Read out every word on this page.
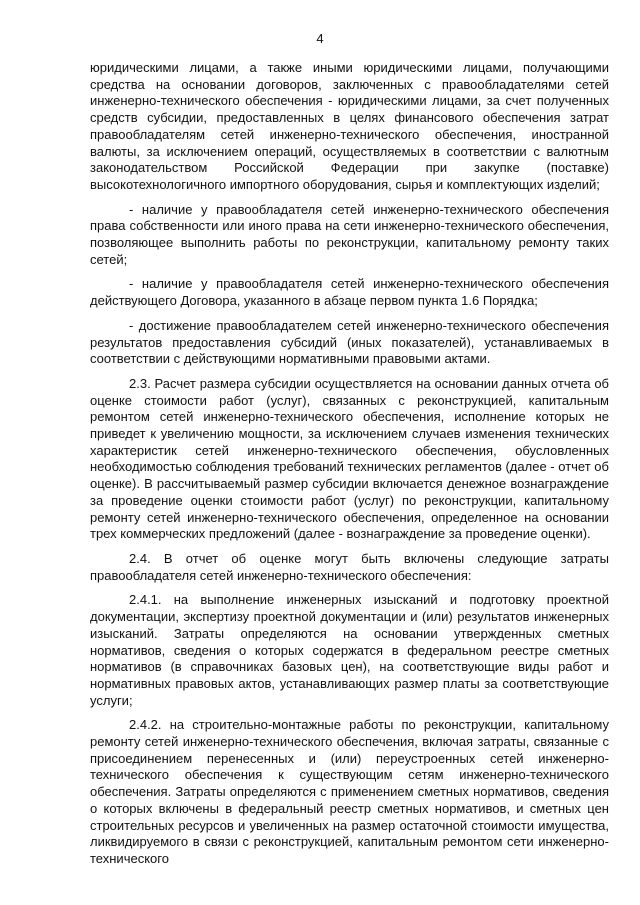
4

юридическими лицами, а также иными юридическими лицами, получающими средства на основании договоров, заключенных с правообладателями сетей инженерно-технического обеспечения - юридическими лицами, за счет полученных средств субсидии, предоставленных в целях финансового обеспечения затрат правообладателям сетей инженерно-технического обеспечения, иностранной валюты, за исключением операций, осуществляемых в соответствии с валютным законодательством Российской Федерации при закупке (поставке) высокотехнологичного импортного оборудования, сырья и комплектующих изделий;

- наличие у правообладателя сетей инженерно-технического обеспечения права собственности или иного права на сети инженерно-технического обеспечения, позволяющее выполнить работы по реконструкции, капитальному ремонту таких сетей;

- наличие у правообладателя сетей инженерно-технического обеспечения действующего Договора, указанного в абзаце первом пункта 1.6 Порядка;

- достижение правообладателем сетей инженерно-технического обеспечения результатов предоставления субсидий (иных показателей), устанавливаемых в соответствии с действующими нормативными правовыми актами.

2.3. Расчет размера субсидии осуществляется на основании данных отчета об оценке стоимости работ (услуг), связанных с реконструкцией, капитальным ремонтом сетей инженерно-технического обеспечения, исполнение которых не приведет к увеличению мощности, за исключением случаев изменения технических характеристик сетей инженерно-технического обеспечения, обусловленных необходимостью соблюдения требований технических регламентов (далее - отчет об оценке). В рассчитываемый размер субсидии включается денежное вознаграждение за проведение оценки стоимости работ (услуг) по реконструкции, капитальному ремонту сетей инженерно-технического обеспечения, определенное на основании трех коммерческих предложений (далее - вознаграждение за проведение оценки).

2.4. В отчет об оценке могут быть включены следующие затраты правообладателя сетей инженерно-технического обеспечения:

2.4.1. на выполнение инженерных изысканий и подготовку проектной документации, экспертизу проектной документации и (или) результатов инженерных изысканий. Затраты определяются на основании утвержденных сметных нормативов, сведения о которых содержатся в федеральном реестре сметных нормативов (в справочниках базовых цен), на соответствующие виды работ и нормативных правовых актов, устанавливающих размер платы за соответствующие услуги;

2.4.2. на строительно-монтажные работы по реконструкции, капитальному ремонту сетей инженерно-технического обеспечения, включая затраты, связанные с присоединением перенесенных и (или) переустроенных сетей инженерно-технического обеспечения к существующим сетям инженерно-технического обеспечения. Затраты определяются с применением сметных нормативов, сведения о которых включены в федеральный реестр сметных нормативов, и сметных цен строительных ресурсов и увеличенных на размер остаточной стоимости имущества, ликвидируемого в связи с реконструкцией, капитальным ремонтом сети инженерно-технического
